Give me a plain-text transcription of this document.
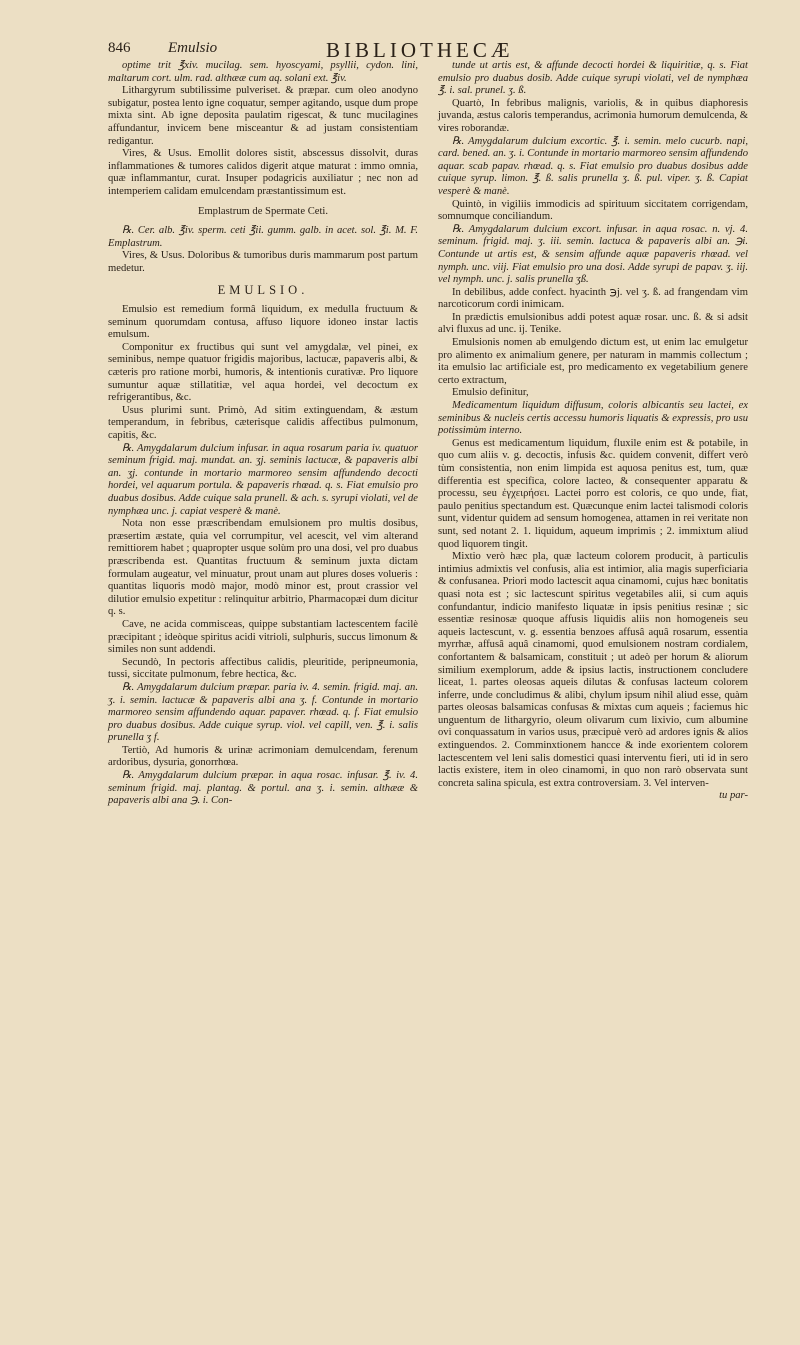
846	Emulsio	BIBLIOTHECÆ

optime trit ℥xiv. mucilag. sem. hyoscyami, psyllii, cydon. lini, maltarum cort. ulm. rad. althææ cum aq. solani ext. ℥iv.

Lithargyrum subtilissime pulveriset. & præpar. cum oleo anodyno subigatur, postea lento igne coquatur, semper agitando, usque dum prope mixta sint. Ab igne deposita paulatim rigescat, & tunc mucilagines affundantur, invicem bene misceantur & ad justam consistentiam redigantur.

Vires, & Usus. Emollit dolores sistit, abscessus dissolvit, duras inflammationes & tumores calidos digerit atque maturat : immo omnia, quæ inflammantur, curat. Insuper podagricis auxiliatur ; nec non ad intemperiem calidam emulcendam præstantissimum est.

Emplastrum de Spermate Ceti.

℞. Cer. alb. ℥iv. sperm. ceti ℥ii. gumm. galb. in acet. sol. ℥i. M. F. Emplastrum.

Vires, & Usus. Doloribus & tumoribus duris mammarum post partum medetur.

EMULSIO.

Emulsio est remedium formâ liquidum, ex medulla fructuum & seminum quorumdam contusa, affuso liquore idoneo instar lactis emulsum.

Componitur ex fructibus qui sunt vel amygdalæ, vel pinei, ex seminibus, nempe quatuor frigidis majoribus, lactucæ, papaveris albi, & cæteris pro ratione morbi, humoris, & intentionis curativæ. Pro liquore sumuntur aquæ stillatitiæ, vel aqua hordei, vel decoctum ex refrigerantibus, &c.

Usus plurimi sunt. Primò, Ad sitim extinguendam, & æstum temperandum, in febribus, cæterisque calidis affectibus pulmonum, capitis, &c.

℞. Amygdalarum dulcium infusar. in aqua rosarum paria iv. quatuor seminum frigid. maj. mundat. an. ʒj. seminis lactucæ, & papaveris albi an. ʒj. contunde in mortario marmoreo sensim affundendo decocti hordei, vel aquarum portula. & papaveris rhœad. q. s. Fiat emulsio pro duabus dosibus. Adde cuique sala prunell. & ach. s. syrupi violati, vel de nymphæa unc. j. capiat vesperè & manè.

Nota non esse præscribendam emulsionem pro multis dosibus, præsertim æstate, quia vel corrumpitur, vel acescit, vel vim alterand remittiorem habet ; quapropter usque solùm pro una dosi, vel pro duabus præscribenda est. Quantitas fructuum & seminum juxta dictam formulam augeatur, vel minuatur, prout unam aut plures doses volueris : quantitas liquoris modò major, modò minor est, prout crassior vel dilutior emulsio expetitur : relinquitur arbitrio, Pharmacopæi dum dicitur q. s.

Cave, ne acida commisceas, quippe substantiam lactescentem facilè præcipitant ; ideòque spiritus acidi vitrioli, sulphuris, succus limonum & similes non sunt addendi.

Secundò, In pectoris affectibus calidis, pleuritide, peripneumonia, tussi, siccitate pulmonum, febre hectica, &c.

℞. Amygdalarum dulcium præpar. paria iv. 4. semin. frigid. maj. an. ʒ. i. semin. lactucæ & papaveris albi ana ʒ. f. Contunde in mortario marmoreo sensim affundendo aquar. papaver. rhœad. q. f. Fiat emulsio pro duabus dosibus. Adde cuique syrup. viol. vel capill, ven. ℥. i. salis prunella ʒ f.

Tertiò, Ad humoris & urinæ acrimoniam demulcendam, ferenum ardoribus, dysuria, gonorrhœa.

℞. Amygdalarum dulcium præpar. in aqua rosac. infusar. ℥. iv. 4. seminum frigid. maj. plantag. & portul. ana ʒ. i. semin. althææ & papaveris albi ana ℈. i. Con-

tunde ut artis est, & affunde decocti hordei & liquiritiæ, q. s. Fiat emulsio pro duabus dosib. Adde cuique syrupi violati, vel de nymphæa ℥. i. sal. prunel. ʒ. ß.

Quartò, In febribus malignis, variolis, & in quibus diaphoresis juvanda, æstus caloris temperandus, acrimonia humorum demulcenda, & vires roborandæ.

℞. Amygdalarum dulcium excortic. ℥. i. semin. melo cucurb. napi, card. bened. an. ʒ. i. Contunde in mortario marmoreo sensim affundendo aquar. scab papav. rhœad. q. s. Fiat emulsio pro duabus dosibus adde cuique syrup. limon. ℥. ß. salis prunella ʒ. ß. pul. viper. ʒ. ß. Capiat vesperè & manè.

Quintò, in vigiliis immodicis ad spirituum siccitatem corrigendam, somnumque conciliandum.

℞. Amygdalarum dulcium excort. infusar. in aqua rosac. n. vj. 4. seminum. frigid. maj. ʒ. iii. semin. lactuca & papaveris albi an. ℈i. Contunde ut artis est, & sensim affunde aquæ papaveris rhœad. vel nymph. unc. viij. Fiat emulsio pro una dosi. Adde syrupi de papav. ʒ. iij. vel nymph. unc. j. salis prunella ʒß.

In debilibus, adde confect. hyacinth ℈j. vel ʒ. ß. ad frangendam vim narcoticorum cordi inimicam.

In prædictis emulsionibus addi potest aquæ rosar. unc. ß. & si adsit alvi fluxus ad unc. ij. Tenike.

Emulsionis nomen ab emulgendo dictum est, ut enim lac emulgetur pro alimento ex animalium genere, per naturam in mammis collectum ; ita emulsio lac artificiale est, pro medicamento ex vegetabilium genere certo extractum,

Emulsio definitur,

Medicamentum liquidum diffusum, coloris albicantis seu lactei, ex seminibus & nucleis certis accessu humoris liquatis & expressis, pro usu potissimùm interno.

Genus est medicamentum liquidum, fluxile enim est & potabile, in quo cum aliis v. g. decoctis, infusis &c. quidem convenit, differt verò tùm consistentia, non enim limpida est aquosa penitus est, tum, quæ differentia est specifica, colore lacteo, & consequenter apparatu & processu, seu ἐγχειρήσει. Lactei porro est coloris, ce quo unde, fiat, paulo penitius spectandum est. Quæcunque enim lactei talismodi coloris sunt, videntur quidem ad sensum homogenea, attamen in rei veritate non sunt, sed notant 2. 1. liquidum, aqueum imprimis ; 2. immixtum aliud quod liquorem tingit.

Mixtio verò hæc pla, quæ lacteum colorem producit, à particulis intimius admixtis vel confusis, alia est intimior, alia magis superficiaria & confusanea. Priori modo lactescit aqua cinamomi, cujus hæc bonitatis quasi nota est ; sic lactescunt spiritus vegetabiles alii, si cum aquis confundantur, indicio manifesto liquatæ in ipsis penitius resinæ ; sic essentiæ resinosæ quoque affusis liquidis aliis non homogeneis seu aqueis lactescunt, v. g. essentia benzoes affusâ aquâ rosarum, essentia myrrhæ, affusâ aquâ cinamomi, quod emulsionem nostram cordialem, confortantem & balsamicam, constituit ; ut adeò per horum & aliorum similium exemplorum, adde & ipsius lactis, instructionem concludere liceat, 1. partes oleosas aqueis dilutas & confusas lacteum colorem inferre, unde concludimus & alibi, chylum ipsum nihil aliud esse, quàm partes oleosas balsamicas confusas & mixtas cum aqueis ; faciemus hic unguentum de lithargyrio, oleum olivarum cum lixivio, cum albumine ovi conquassatum in varios usus, præcipuè verò ad ardores ignis & alios extinguendos. 2. Comminxtionem hancce & inde exorientem colorem lactescentem vel leni salis domestici quasi interventu fieri, uti id in sero lactis existere, item in oleo cinamomi, in quo non rarò observata sunt concreta salina spicula, est extra controversiam. 3. Vel interven-

tu par-
